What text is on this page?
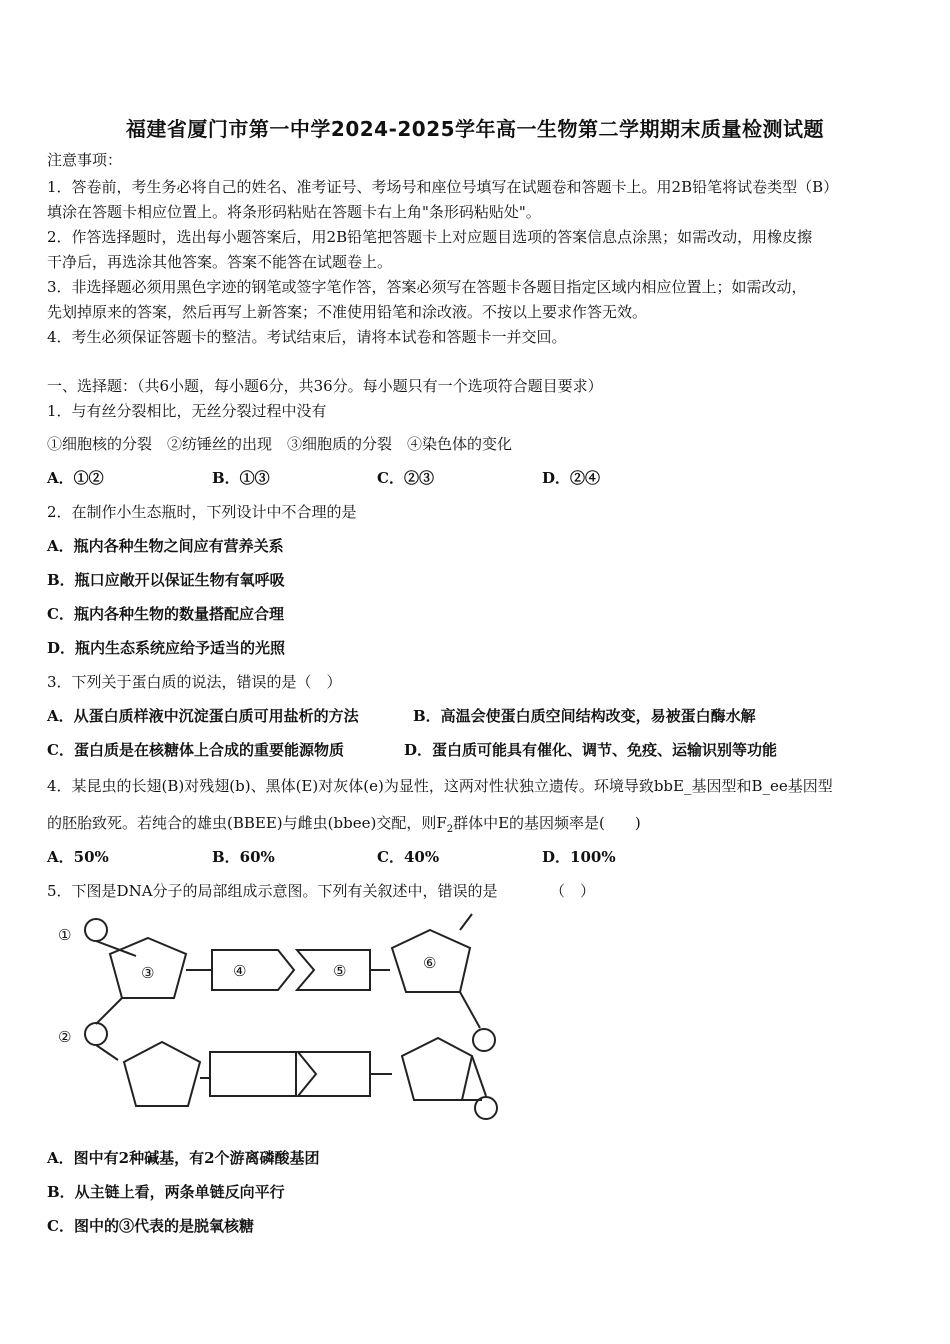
福建省厦门市第一中学2024-2025学年高一生物第二学期期末质量检测试题
注意事项：
1．答卷前，考生务必将自己的姓名、准考证号、考场号和座位号填写在试题卷和答题卡上。用2B铅笔将试卷类型（B）
填涂在答题卡相应位置上。将条形码粘贴在答题卡右上角"条形码粘贴处"。
2．作答选择题时，选出每小题答案后，用2B铅笔把答题卡上对应题目选项的答案信息点涂黑；如需改动，用橡皮擦
干净后，再选涂其他答案。答案不能答在试题卷上。
3．非选择题必须用黑色字迹的钢笔或签字笔作答，答案必须写在答题卡各题目指定区域内相应位置上；如需改动，
先划掉原来的答案，然后再写上新答案；不准使用铅笔和涂改液。不按以上要求作答无效。
4．考生必须保证答题卡的整洁。考试结束后，请将本试卷和答题卡一并交回。
一、选择题：（共6小题，每小题6分，共36分。每小题只有一个选项符合题目要求）
1．与有丝分裂相比，无丝分裂过程中没有
①细胞核的分裂　②纺锤丝的出现　③细胞质的分裂　④染色体的变化
A．①②	B．①③	C．②③	D．②④
2．在制作小生态瓶时，下列设计中不合理的是
A．瓶内各种生物之间应有营养关系
B．瓶口应敞开以保证生物有氧呼吸
C．瓶内各种生物的数量搭配应合理
D．瓶内生态系统应给予适当的光照
3．下列关于蛋白质的说法，错误的是（　）
A．从蛋白质样液中沉淀蛋白质可用盐析的方法	B．高温会使蛋白质空间结构改变，易被蛋白酶水解
C．蛋白质是在核糖体上合成的重要能源物质	D．蛋白质可能具有催化、调节、免疫、运输识别等功能
4．某昆虫的长翅(B)对残翅(b)、黑体(E)对灰体(e)为显性，这两对性状独立遗传。环境导致bbE_基因型和B_ee基因型
的胚胎致死。若纯合的雄虫(BBEE)与雌虫(bbee)交配，则$F_2$群体中E的基因频率是(　　)
A．50%	B．60%	C．40%	D．100%
5．下图是DNA分子的局部组成示意图。下列有关叙述中，错误的是　　　　（　）
①
②
③	④	⑤	⑥
A．图中有2种碱基，有2个游离磷酸基团
B．从主链上看，两条单链反向平行
C．图中的③代表的是脱氧核糖
